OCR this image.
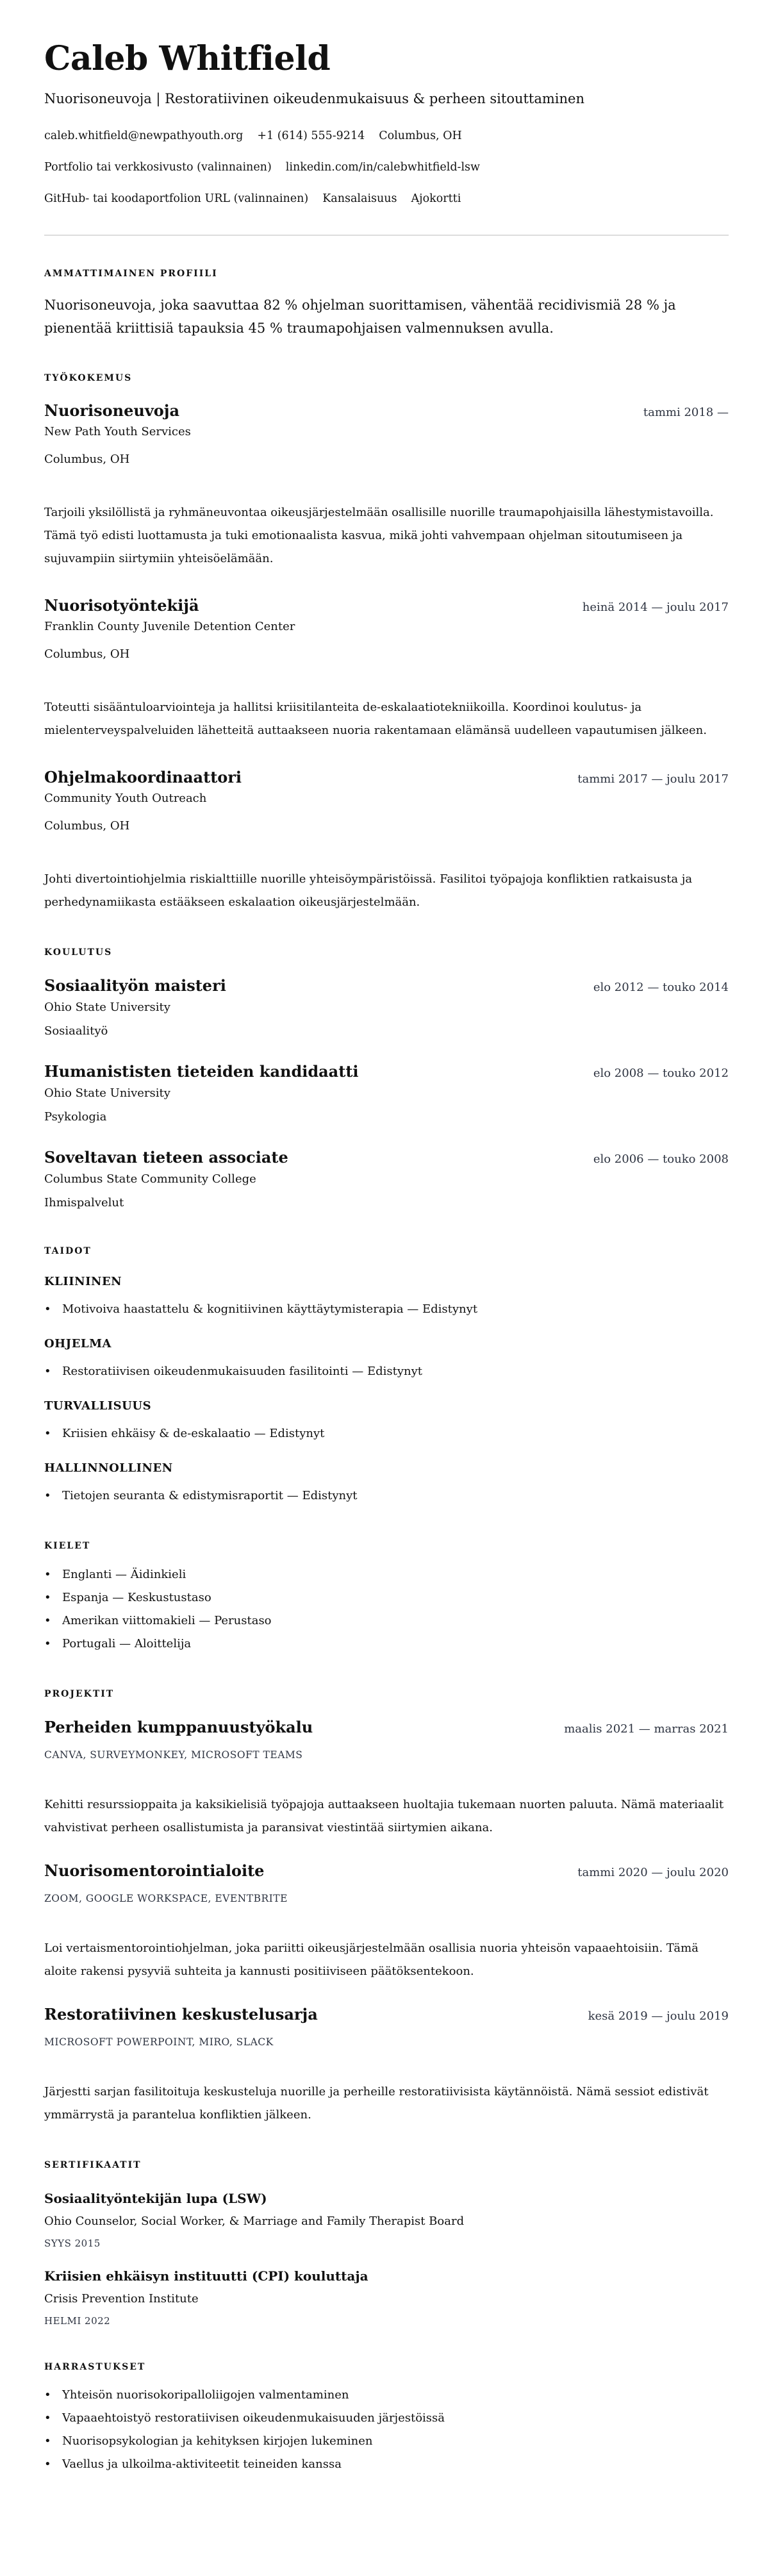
Caleb Whitfield
Nuorisoneuvoja | Restoratiivinen oikeudenmukaisuus & perheen sitouttaminen
caleb.whitfield@newpathyouth.org +1 (614) 555-9214 Columbus, OH
Portfolio tai verkkosivusto (valinnainen) linkedin.com/in/calebwhitfield-lsw
GitHub- tai koodaportfolion URL (valinnainen) Kansalaisuus Ajokortti
AMMATTIMAINEN PROFIILI

Nuorisoneuvoja, joka saavuttaa 82 % ohjelman suorittamisen, vähentää recidivismiä 28 % ja pienentää kriittisiä tapauksia 45 % traumapohjaisen valmennuksen avulla.

TYÖKOKEMUS
Nuorisoneuvoja	tammi 2018 —
New Path Youth Services
Columbus, OH
Tarjoili yksilöllistä ja ryhmäneuvontaa oikeusjärjestelmään osallisille nuorille traumapohjaisilla lähestymistavoilla. Tämä työ edisti luottamusta ja tuki emotionaalista kasvua, mikä johti vahvempaan ohjelman sitoutumiseen ja sujuvampiin siirtymiin yhteisöelämään.
Nuorisotyöntekijä	heinä 2014 — joulu 2017
Franklin County Juvenile Detention Center
Columbus, OH
Toteutti sisääntuloarviointeja ja hallitsi kriisitilanteita de-eskalaatiotekniikoilla. Koordinoi koulutus- ja mielenterveyspalveluiden lähetteitä auttaakseen nuoria rakentamaan elämänsä uudelleen vapautumisen jälkeen.
Ohjelmakoordinaattori	tammi 2017 — joulu 2017
Community Youth Outreach
Columbus, OH
Johti divertointiohjelmia riskialttiille nuorille yhteisöympäristöissä. Fasilitoi työpajoja konfliktien ratkaisusta ja perhedynamiikasta estääkseen eskalaation oikeusjärjestelmään.
KOULUTUS
Sosiaalityön maisteri	elo 2012 — touko 2014
Ohio State University
Sosiaalityö
Humanististen tieteiden kandidaatti	elo 2008 — touko 2012
Ohio State University
Psykologia
Soveltavan tieteen associate	elo 2006 — touko 2008
Columbus State Community College
Ihmispalvelut
TAIDOT
KLIININEN
• Motivoiva haastattelu & kognitiivinen käyttäytymisterapia — Edistynyt
OHJELMA
• Restoratiivisen oikeudenmukaisuuden fasilitointi — Edistynyt
TURVALLISUUS
• Kriisien ehkäisy & de-eskalaatio — Edistynyt
HALLINNOLLINEN
• Tietojen seuranta & edistymisraportit — Edistynyt
KIELET
• Englanti — Äidinkieli
• Espanja — Keskustustaso
• Amerikan viittomakieli — Perustaso
• Portugali — Aloittelija
PROJEKTIT
Perheiden kumppanuustyökalu	maalis 2021 — marras 2021
CANVA, SURVEYMONKEY, MICROSOFT TEAMS
Kehitti resurssioppaita ja kaksikielisiä työpajoja auttaakseen huoltajia tukemaan nuorten paluuta. Nämä materiaalit vahvistivat perheen osallistumista ja paransivat viestintää siirtymien aikana.
Nuorisomentorointialoite	tammi 2020 — joulu 2020
ZOOM, GOOGLE WORKSPACE, EVENTBRITE
Loi vertaismentorointiohjelman, joka pariitti oikeusjärjestelmään osallisia nuoria yhteisön vapaaehtoisiin. Tämä aloite rakensi pysyviä suhteita ja kannusti positiiviseen päätöksentekoon.
Restoratiivinen keskustelusarja	kesä 2019 — joulu 2019
MICROSOFT POWERPOINT, MIRO, SLACK
Järjestti sarjan fasilitoituja keskusteluja nuorille ja perheille restoratiivisista käytännöistä. Nämä sessiot edistivät ymmärrystä ja parantelua konfliktien jälkeen.
SERTIFIKAATIT
Sosiaalityöntekijän lupa (LSW)
Ohio Counselor, Social Worker, & Marriage and Family Therapist Board
SYYS 2015
Kriisien ehkäisyn instituutti (CPI) kouluttaja
Crisis Prevention Institute
HELMI 2022
HARRASTUKSET
• Yhteisön nuorisokoripalloliigojen valmentaminen
• Vapaaehtoistyö restoratiivisen oikeudenmukaisuuden järjestöissä
• Nuorisopsykologian ja kehityksen kirjojen lukeminen
• Vaellus ja ulkoilma-aktiviteetit teineiden kanssa
